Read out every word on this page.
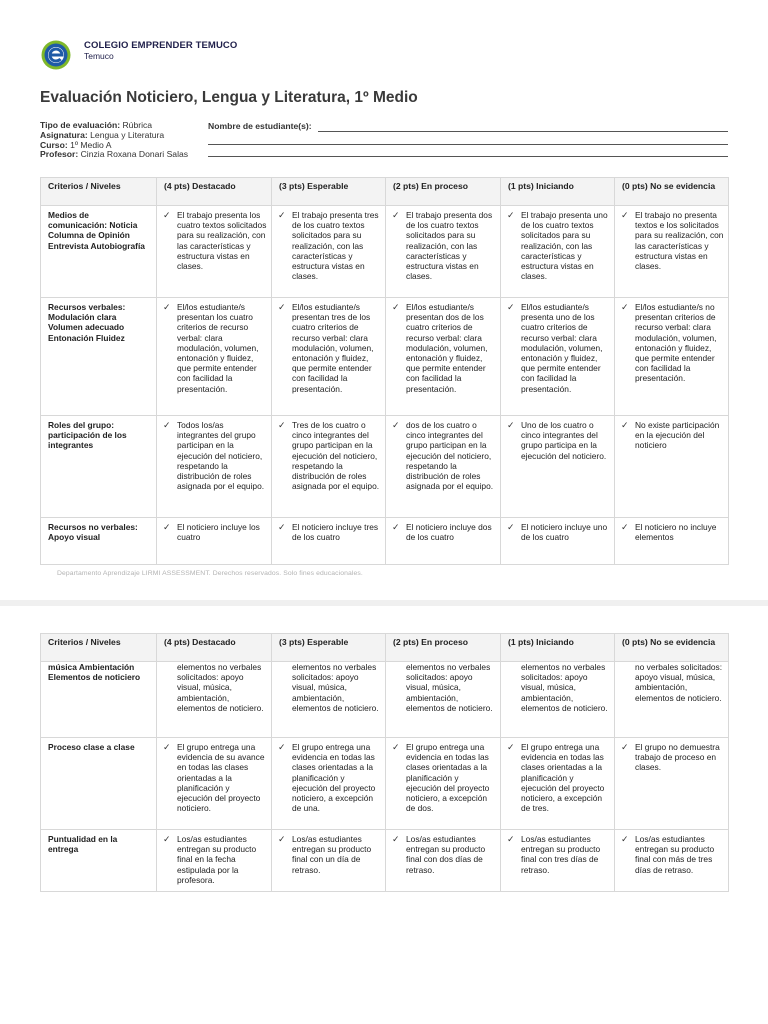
COLEGIO EMPRENDER TEMUCO
Temuco
Evaluación Noticiero, Lengua y Literatura, 1º Medio
Tipo de evaluación: Rúbrica
Asignatura: Lengua y Literatura
Curso: 1º Medio A
Profesor: Cinzia Roxana Donari Salas
Nombre de estudiante(s):
Criterios / Niveles	(4 pts) Destacado	(3 pts) Esperable	(2 pts) En proceso	(1 pts) Iniciando	(0 pts) No se evidencia
Medios de comunicación: Noticia Columna de Opinión Entrevista Autobiografía	✓ El trabajo presenta los cuatro textos solicitados para su realización, con las características y estructura vistas en clases.	✓ El trabajo presenta tres de los cuatro textos solicitados para su realización, con las características y estructura vistas en clases.	✓ El trabajo presenta dos de los cuatro textos solicitados para su realización, con las características y estructura vistas en clases.	✓ El trabajo presenta uno de los cuatro textos solicitados para su realización, con las características y estructura vistas en clases.	✓ El trabajo no presenta textos e los solicitados para su realización, con las características y estructura vistas en clases.

Recursos verbales: Modulación clara Volumen adecuado Entonación Fluidez	✓ El/los estudiante/s presentan los cuatro criterios de recurso verbal: clara modulación, volumen, entonación y fluidez, que permite entender con facilidad la presentación.	✓ El/los estudiante/s presentan tres de los cuatro criterios de recurso verbal: clara modulación, volumen, entonación y fluidez, que permite entender con facilidad la presentación.	✓ El/los estudiante/s presentan dos de los cuatro criterios de recurso verbal: clara modulación, volumen, entonación y fluidez, que permite entender con facilidad la presentación.	✓ El/los estudiante/s presenta uno de los cuatro criterios de recurso verbal: clara modulación, volumen, entonación y fluidez, que permite entender con facilidad la presentación.	✓ El/los estudiante/s no presentan criterios de recurso verbal: clara modulación, volumen, entonación y fluidez, que permite entender con facilidad la presentación.

Roles del grupo: participación de los integrantes	✓ Todos los/as integrantes del grupo participan en la ejecución del noticiero, respetando la distribución de roles asignada por el equipo.	✓ Tres de los cuatro o cinco integrantes del grupo participan en la ejecución del noticiero, respetando la distribución de roles asignada por el equipo.	✓ dos de los cuatro o cinco integrantes del grupo participan en la ejecución del noticiero, respetando la distribución de roles asignada por el equipo.	✓ Uno de los cuatro o cinco integrantes del grupo participa en la ejecución del noticiero.	✓ No existe participación en la ejecución del noticiero

Recursos no verbales: Apoyo visual	✓ El noticiero incluye los cuatro	✓ El noticiero incluye tres de los cuatro	✓ El noticiero incluye dos de los cuatro	✓ El noticiero incluye uno de los cuatro	✓ El noticiero no incluye elementos
Departamento Aprendizaje LIRMI ASSESSMENT. Derechos reservados. Solo fines educacionales.
Criterios / Niveles	(4 pts) Destacado	(3 pts) Esperable	(2 pts) En proceso	(1 pts) Iniciando	(0 pts) No se evidencia
música Ambientación Elementos de noticiero	elementos no verbales solicitados: apoyo visual, música, ambientación, elementos de noticiero.	elementos no verbales solicitados: apoyo visual, música, ambientación, elementos de noticiero.	elementos no verbales solicitados: apoyo visual, música, ambientación, elementos de noticiero.	elementos no verbales solicitados: apoyo visual, música, ambientación, elementos de noticiero.	no verbales solicitados: apoyo visual, música, ambientación, elementos de noticiero.

Proceso clase a clase	✓ El grupo entrega una evidencia de su avance en todas las clases orientadas a la planificación y ejecución del proyecto noticiero.	✓ El grupo entrega una evidencia en todas las clases orientadas a la planificación y ejecución del proyecto noticiero, a excepción de una.	✓ El grupo entrega una evidencia en todas las clases orientadas a la planificación y ejecución del proyecto noticiero, a excepción de dos.	✓ El grupo entrega una evidencia en todas las clases orientadas a la planificación y ejecución del proyecto noticiero, a excepción de tres.	✓ El grupo no demuestra trabajo de proceso en clases.

Puntualidad en la entrega	✓ Los/as estudiantes entregan su producto final en la fecha estipulada por la profesora.	✓ Los/as estudiantes entregan su producto final con un día de retraso.	✓ Los/as estudiantes entregan su producto final con dos días de retraso.	✓ Los/as estudiantes entregan su producto final con tres días de retraso.	✓ Los/as estudiantes entregan su producto final con más de tres días de retraso.
